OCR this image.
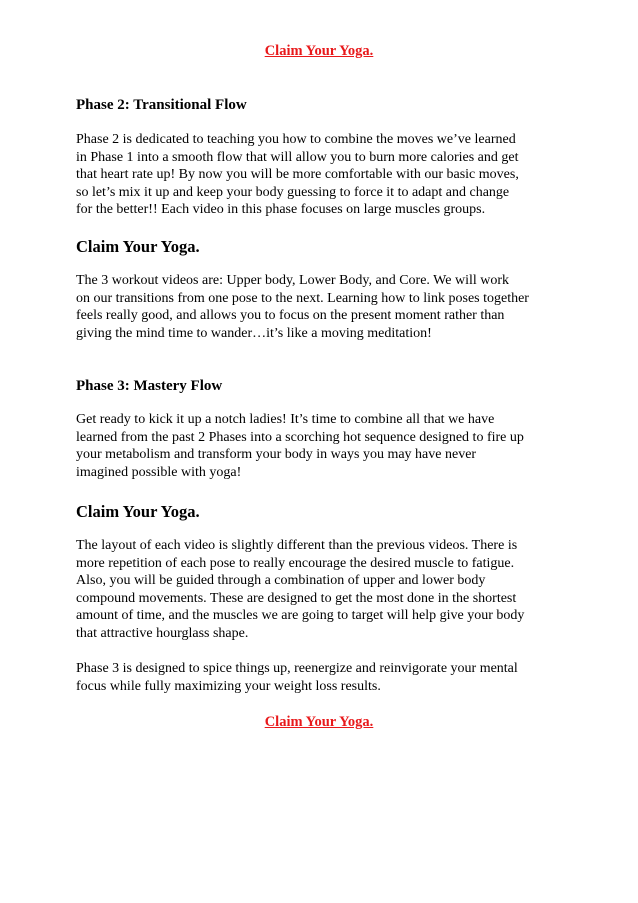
Claim Your Yoga.
Phase 2: Transitional Flow
Phase 2 is dedicated to teaching you how to combine the moves we’ve learned
in Phase 1 into a smooth flow that will allow you to burn more calories and get
that heart rate up! By now you will be more comfortable with our basic moves,
so let’s mix it up and keep your body guessing to force it to adapt and change
for the better!! Each video in this phase focuses on large muscles groups.
Claim Your Yoga.
The 3 workout videos are: Upper body, Lower Body, and Core. We will work
on our transitions from one pose to the next. Learning how to link poses together
feels really good, and allows you to focus on the present moment rather than
giving the mind time to wander…it’s like a moving meditation!
Phase 3: Mastery Flow
Get ready to kick it up a notch ladies! It’s time to combine all that we have
learned from the past 2 Phases into a scorching hot sequence designed to fire up
your metabolism and transform your body in ways you may have never
imagined possible with yoga!
Claim Your Yoga.
The layout of each video is slightly different than the previous videos. There is
more repetition of each pose to really encourage the desired muscle to fatigue.
Also, you will be guided through a combination of upper and lower body
compound movements. These are designed to get the most done in the shortest
amount of time, and the muscles we are going to target will help give your body
that attractive hourglass shape.
Phase 3 is designed to spice things up, reenergize and reinvigorate your mental
focus while fully maximizing your weight loss results.
Claim Your Yoga.
